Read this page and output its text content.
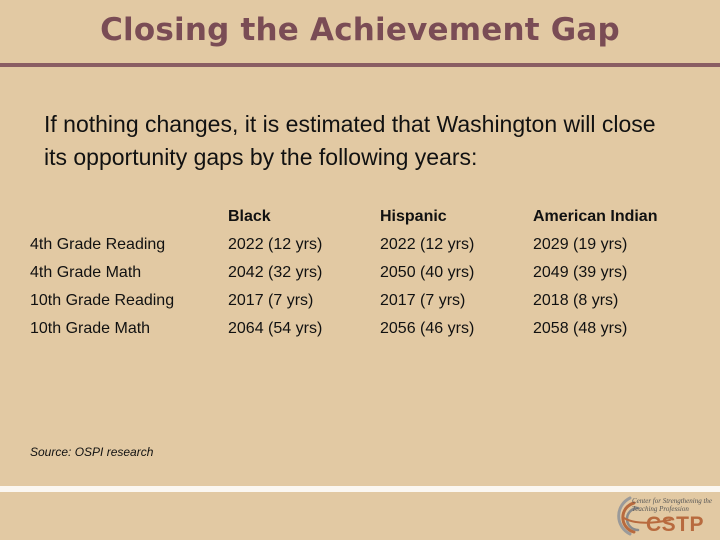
Closing the Achievement Gap
If nothing changes, it is estimated that Washington will close its opportunity gaps by the following years:
	Black	Hispanic	American Indian
4th Grade Reading	2022 (12 yrs)	2022 (12 yrs)	2029 (19 yrs)
4th Grade Math	2042 (32 yrs)	2050 (40 yrs)	2049 (39 yrs)
10th Grade Reading	2017 (7 yrs)	2017 (7 yrs)	2018 (8 yrs)
10th Grade Math	2064 (54 yrs)	2056 (46 yrs)	2058 (48 yrs)
Source: OSPI research
Center for Strengthening the Teaching Profession
CSTP
